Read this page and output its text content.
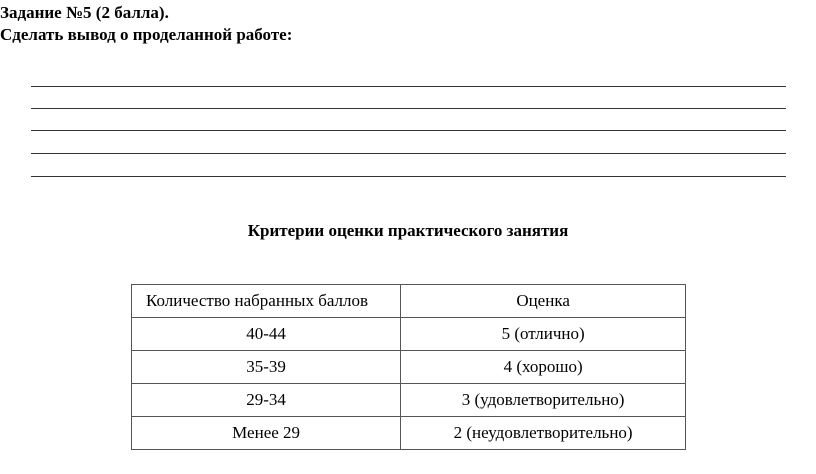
Задание №5 (2 балла).
Сделать вывод о проделанной работе:
Критерии оценки практического занятия
Количество набранных баллов	Оценка
40-44	5 (отлично)
35-39	4 (хорошо)
29-34	3 (удовлетворительно)
Менее 29	2 (неудовлетворительно)
